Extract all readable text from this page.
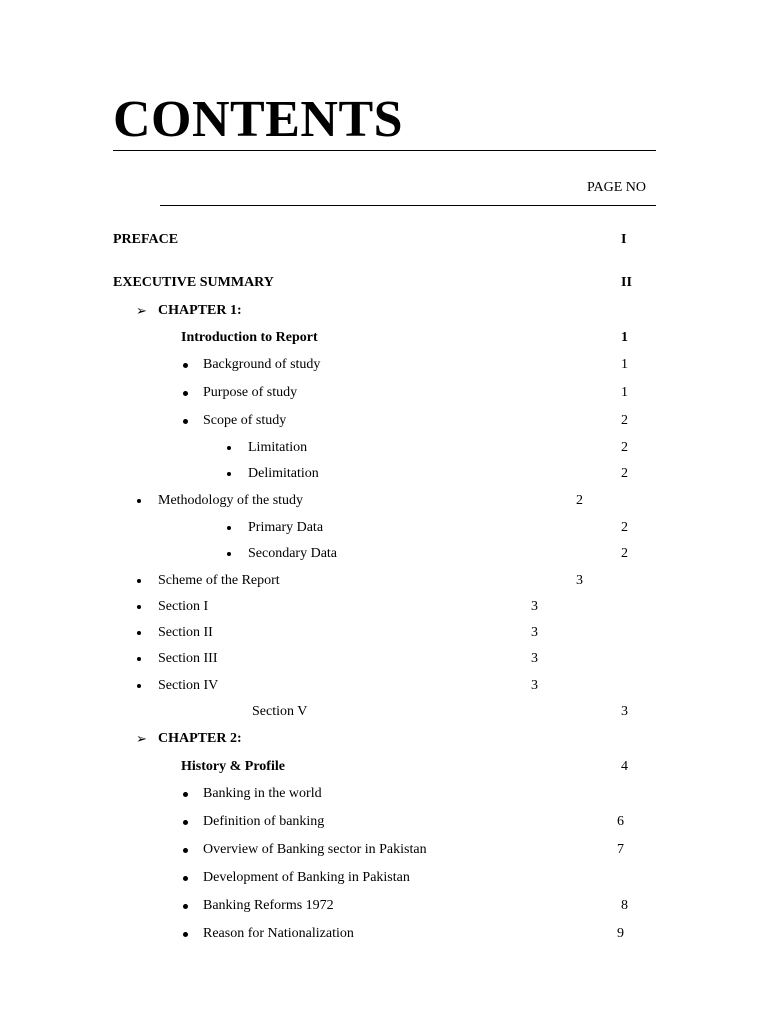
CONTENTS
PAGE NO
PREFACE	I
EXECUTIVE SUMMARY	II
➢ CHAPTER 1:
Introduction to Report	1
Background of study	1
Purpose of study	1
Scope of study	2
Limitation	2
Delimitation	2
Methodology of the study	2
Primary Data	2
Secondary Data	2
Scheme of the Report	3
Section I	3
Section II	3
Section III	3
Section IV	3
Section V	3
➢ CHAPTER 2:
History & Profile	4
Banking in the world
Definition of banking	6
Overview of Banking sector in Pakistan	7
Development of Banking in Pakistan
Banking Reforms 1972	8
Reason for Nationalization	9
